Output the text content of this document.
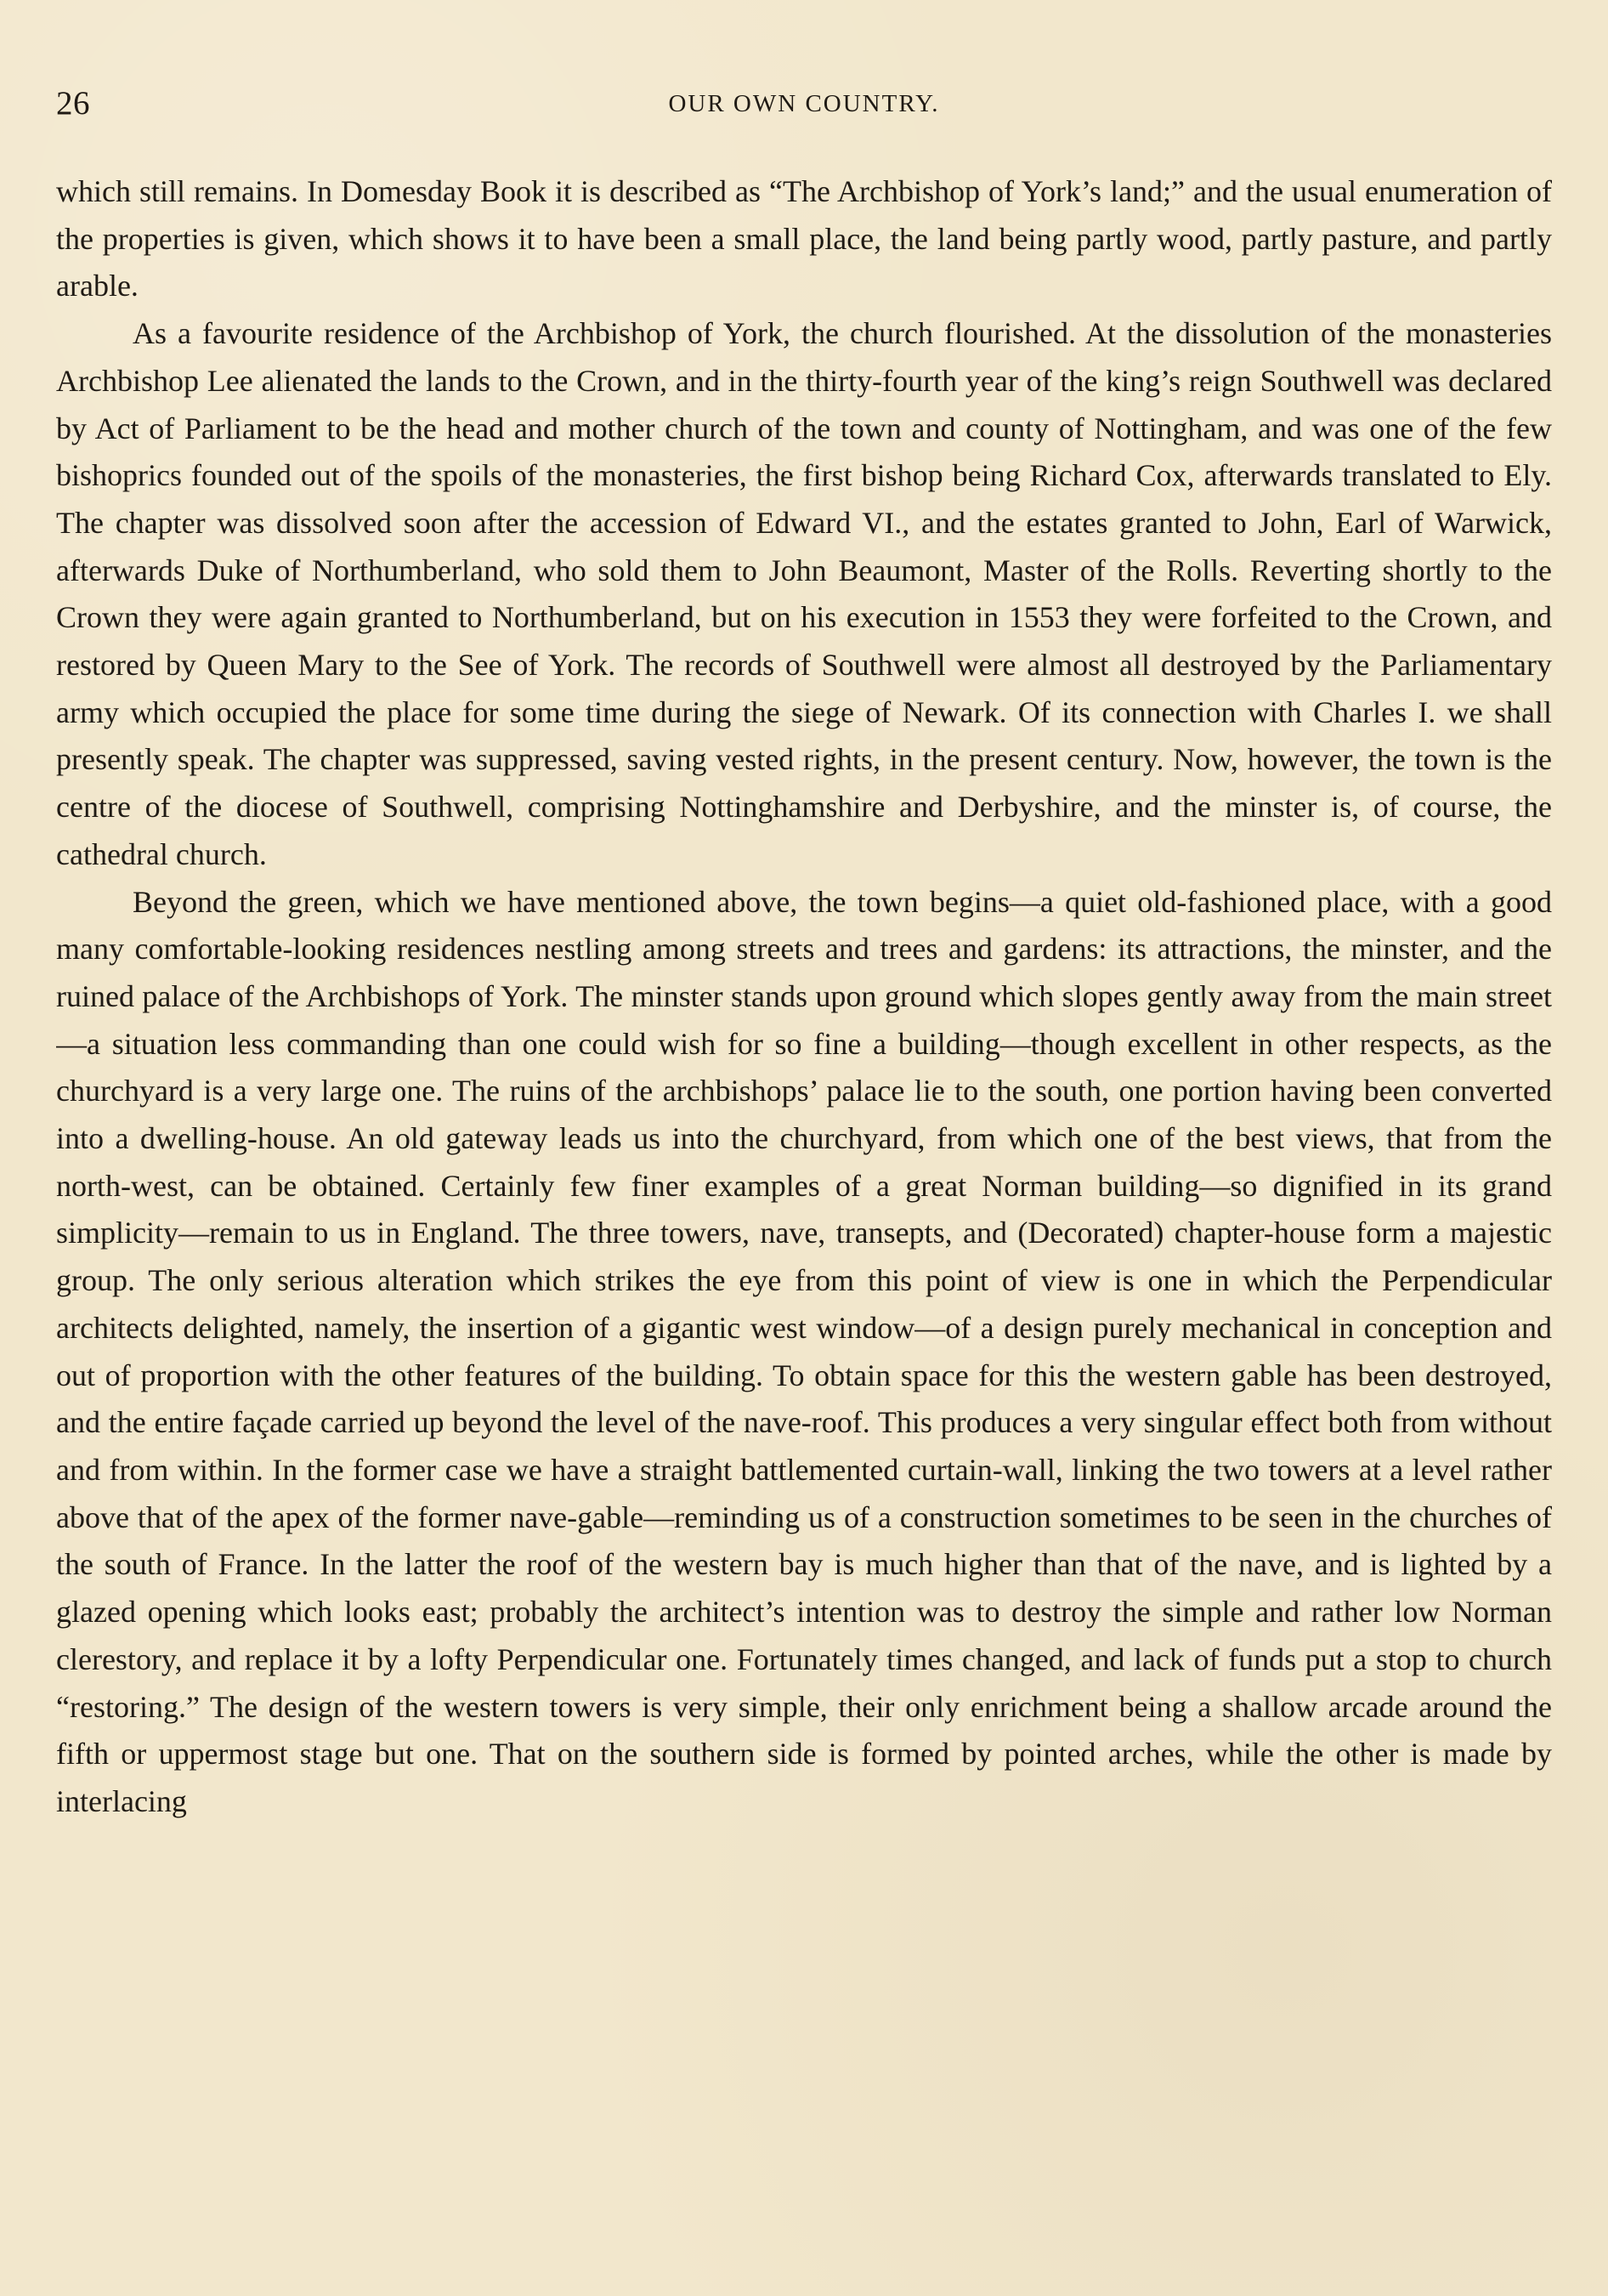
26	OUR OWN COUNTRY.

which still remains. In Domesday Book it is described as “The Archbishop of York’s land;” and the usual enumeration of the properties is given, which shows it to have been a small place, the land being partly wood, partly pasture, and partly arable.

As a favourite residence of the Archbishop of York, the church flourished. At the dissolution of the monasteries Archbishop Lee alienated the lands to the Crown, and in the thirty-fourth year of the king’s reign Southwell was declared by Act of Parliament to be the head and mother church of the town and county of Nottingham, and was one of the few bishoprics founded out of the spoils of the monasteries, the first bishop being Richard Cox, afterwards translated to Ely. The chapter was dissolved soon after the accession of Edward VI., and the estates granted to John, Earl of Warwick, afterwards Duke of Northumberland, who sold them to John Beaumont, Master of the Rolls. Reverting shortly to the Crown they were again granted to Northumberland, but on his execution in 1553 they were forfeited to the Crown, and restored by Queen Mary to the See of York. The records of Southwell were almost all destroyed by the Parliamentary army which occupied the place for some time during the siege of Newark. Of its connection with Charles I. we shall presently speak. The chapter was suppressed, saving vested rights, in the present century. Now, however, the town is the centre of the diocese of Southwell, comprising Nottinghamshire and Derbyshire, and the minster is, of course, the cathedral church.

Beyond the green, which we have mentioned above, the town begins—a quiet old-fashioned place, with a good many comfortable-looking residences nestling among streets and trees and gardens: its attractions, the minster, and the ruined palace of the Archbishops of York. The minster stands upon ground which slopes gently away from the main street—a situation less commanding than one could wish for so fine a building—though excellent in other respects, as the churchyard is a very large one. The ruins of the archbishops’ palace lie to the south, one portion having been converted into a dwelling-house. An old gateway leads us into the churchyard, from which one of the best views, that from the north-west, can be obtained. Certainly few finer examples of a great Norman building—so dignified in its grand simplicity—remain to us in England. The three towers, nave, transepts, and (Decorated) chapter-house form a majestic group. The only serious alteration which strikes the eye from this point of view is one in which the Perpendicular architects delighted, namely, the insertion of a gigantic west window—of a design purely mechanical in conception and out of proportion with the other features of the building. To obtain space for this the western gable has been destroyed, and the entire façade carried up beyond the level of the nave-roof. This produces a very singular effect both from without and from within. In the former case we have a straight battlemented curtain-wall, linking the two towers at a level rather above that of the apex of the former nave-gable—reminding us of a construction sometimes to be seen in the churches of the south of France. In the latter the roof of the western bay is much higher than that of the nave, and is lighted by a glazed opening which looks east; probably the architect’s intention was to destroy the simple and rather low Norman clerestory, and replace it by a lofty Perpendicular one. Fortunately times changed, and lack of funds put a stop to church “restoring.” The design of the western towers is very simple, their only enrichment being a shallow arcade around the fifth or uppermost stage but one. That on the southern side is formed by pointed arches, while the other is made by interlacing
